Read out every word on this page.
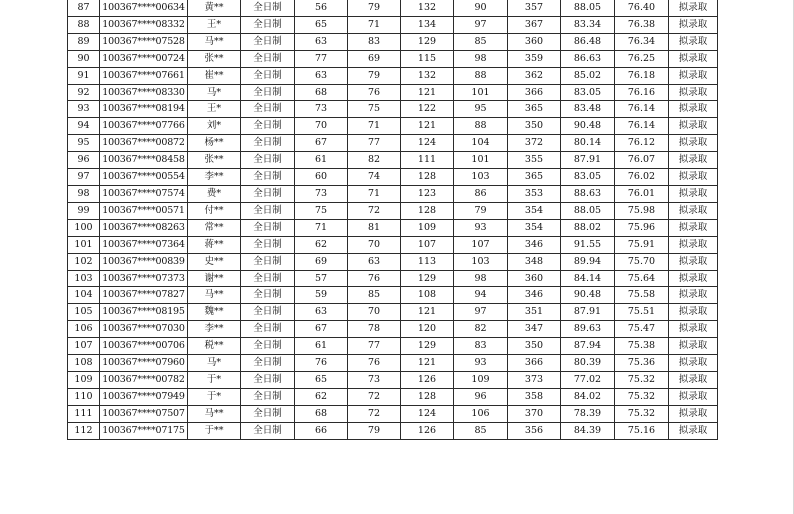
87	100367****00634	黄**	全日制	56	79	132	90	357	88.05	76.40	拟录取
88	100367****08332	王*	全日制	65	71	134	97	367	83.34	76.38	拟录取
89	100367****07528	马**	全日制	63	83	129	85	360	86.48	76.34	拟录取
90	100367****00724	张**	全日制	77	69	115	98	359	86.63	76.25	拟录取
91	100367****07661	崔**	全日制	63	79	132	88	362	85.02	76.18	拟录取
92	100367****08330	马*	全日制	68	76	121	101	366	83.05	76.16	拟录取
93	100367****08194	王*	全日制	73	75	122	95	365	83.48	76.14	拟录取
94	100367****07766	刘*	全日制	70	71	121	88	350	90.48	76.14	拟录取
95	100367****00872	杨**	全日制	67	77	124	104	372	80.14	76.12	拟录取
96	100367****08458	张**	全日制	61	82	111	101	355	87.91	76.07	拟录取
97	100367****00554	李**	全日制	60	74	128	103	365	83.05	76.02	拟录取
98	100367****07574	费*	全日制	73	71	123	86	353	88.63	76.01	拟录取
99	100367****00571	付**	全日制	75	72	128	79	354	88.05	75.98	拟录取
100	100367****08263	常**	全日制	71	81	109	93	354	88.02	75.96	拟录取
101	100367****07364	蒋**	全日制	62	70	107	107	346	91.55	75.91	拟录取
102	100367****00839	史**	全日制	69	63	113	103	348	89.94	75.70	拟录取
103	100367****07373	谢**	全日制	57	76	129	98	360	84.14	75.64	拟录取
104	100367****07827	马**	全日制	59	85	108	94	346	90.48	75.58	拟录取
105	100367****08195	魏**	全日制	63	70	121	97	351	87.91	75.51	拟录取
106	100367****07030	李**	全日制	67	78	120	82	347	89.63	75.47	拟录取
107	100367****00706	税**	全日制	61	77	129	83	350	87.94	75.38	拟录取
108	100367****07960	马*	全日制	76	76	121	93	366	80.39	75.36	拟录取
109	100367****00782	于*	全日制	65	73	126	109	373	77.02	75.32	拟录取
110	100367****07949	于*	全日制	62	72	128	96	358	84.02	75.32	拟录取
111	100367****07507	马**	全日制	68	72	124	106	370	78.39	75.32	拟录取
112	100367****07175	于**	全日制	66	79	126	85	356	84.39	75.16	拟录取
